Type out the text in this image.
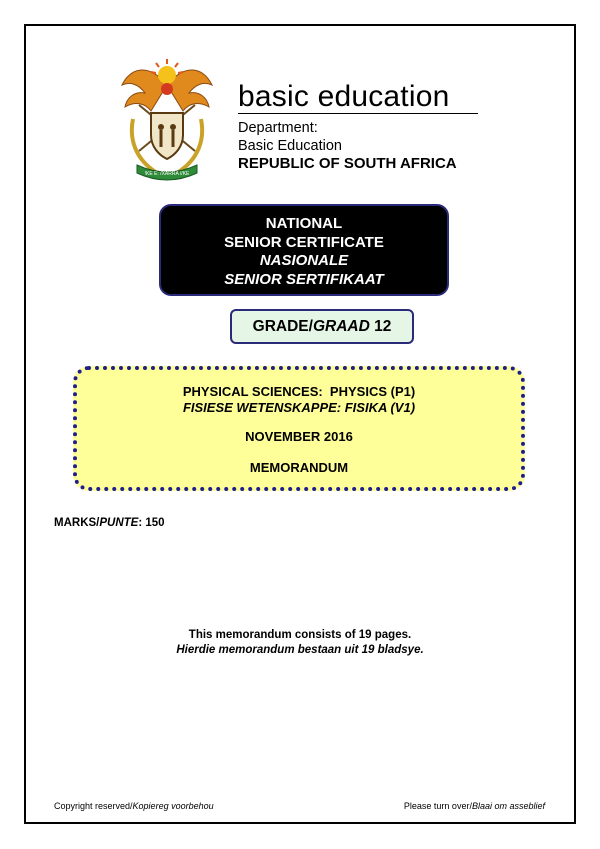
!KE E: /XARRA //KE
basic education
Department:
Basic Education
REPUBLIC OF SOUTH AFRICA
NATIONAL
SENIOR CERTIFICATE
NASIONALE
SENIOR SERTIFIKAAT
GRADE/GRAAD 12
PHYSICAL SCIENCES:  PHYSICS (P1)
FISIESE WETENSKAPPE: FISIKA (V1)
NOVEMBER 2016
MEMORANDUM
MARKS/PUNTE: 150
This memorandum consists of 19 pages.
Hierdie memorandum bestaan uit 19 bladsye.
Copyright reserved/Kopiereg voorbehou	Please turn over/Blaai om asseblief
